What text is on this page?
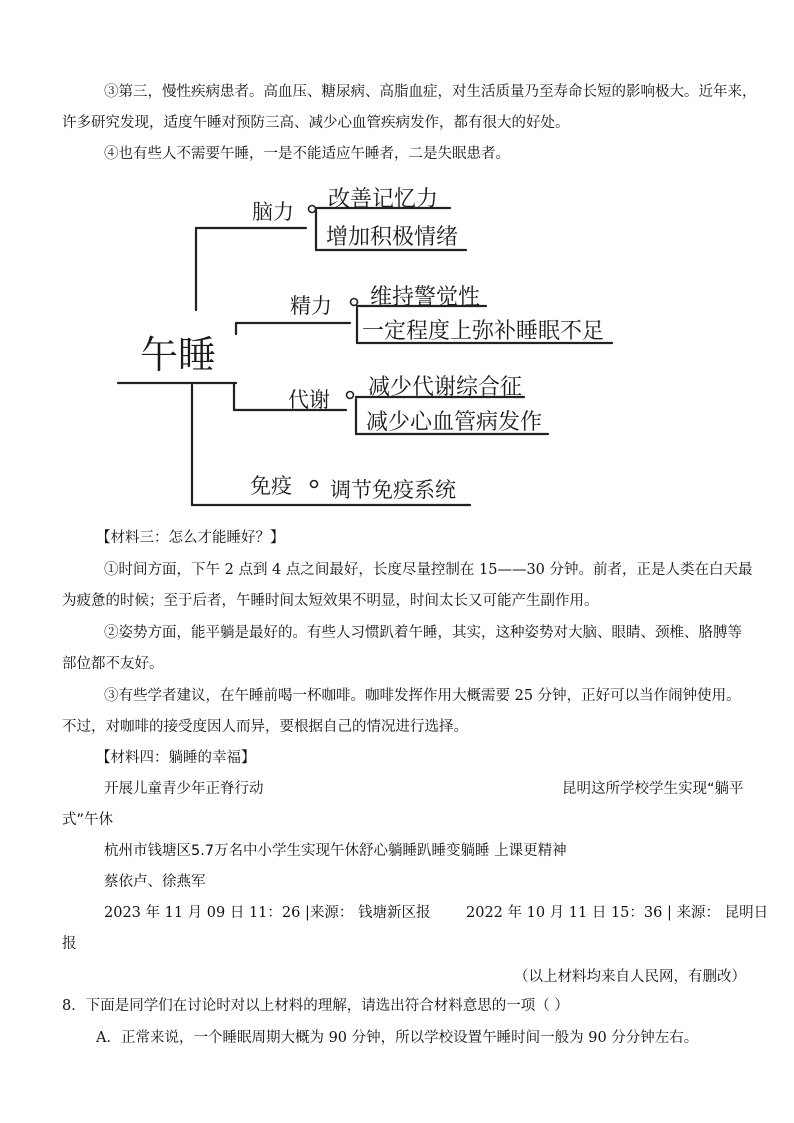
③第三，慢性疾病患者。高血压、糖尿病、高脂血症，对生活质量乃至寿命长短的影响极大。近年来，
许多研究发现，适度午睡对预防三高、减少心血管疾病发作，都有很大的好处。
④也有些人不需要午睡，一是不能适应午睡者，二是失眠患者。
午睡
脑力 改善记忆力
增加积极情绪
精力 维持警觉性
一定程度上弥补睡眠不足
代谢 减少代谢综合征
减少心血管病发作
免疫 调节免疫系统
【材料三：怎么才能睡好？】
①时间方面，下午 2 点到 4 点之间最好，长度尽量控制在 15——30 分钟。前者，正是人类在白天最
为疲惫的时候；至于后者，午睡时间太短效果不明显，时间太长又可能产生副作用。
②姿势方面，能平躺是最好的。有些人习惯趴着午睡，其实，这种姿势对大脑、眼睛、颈椎、胳膊等
部位都不友好。
③有些学者建议，在午睡前喝一杯咖啡。咖啡发挥作用大概需要 25 分钟，正好可以当作闹钟使用。
不过，对咖啡的接受度因人而异，要根据自己的情况进行选择。
【材料四：躺睡的幸福】
开展儿童青少年正脊行动	昆明这所学校学生实现“躺平
式”午休
杭州市钱塘区5.7万名中小学生实现午休舒心躺睡趴睡变躺睡 上课更精神
蔡依卢、徐燕军
2023 年 11 月 09 日 11：26 |来源： 钱塘新区报 2022 年 10 月 11 日 15：36 | 来源： 昆明日
报
（以上材料均来自人民网，有删改）
8．下面是同学们在讨论时对以上材料的理解，请选出符合材料意思的一项（ ）
A．正常来说，一个睡眠周期大概为 90 分钟，所以学校设置午睡时间一般为 90 分分钟左右。
